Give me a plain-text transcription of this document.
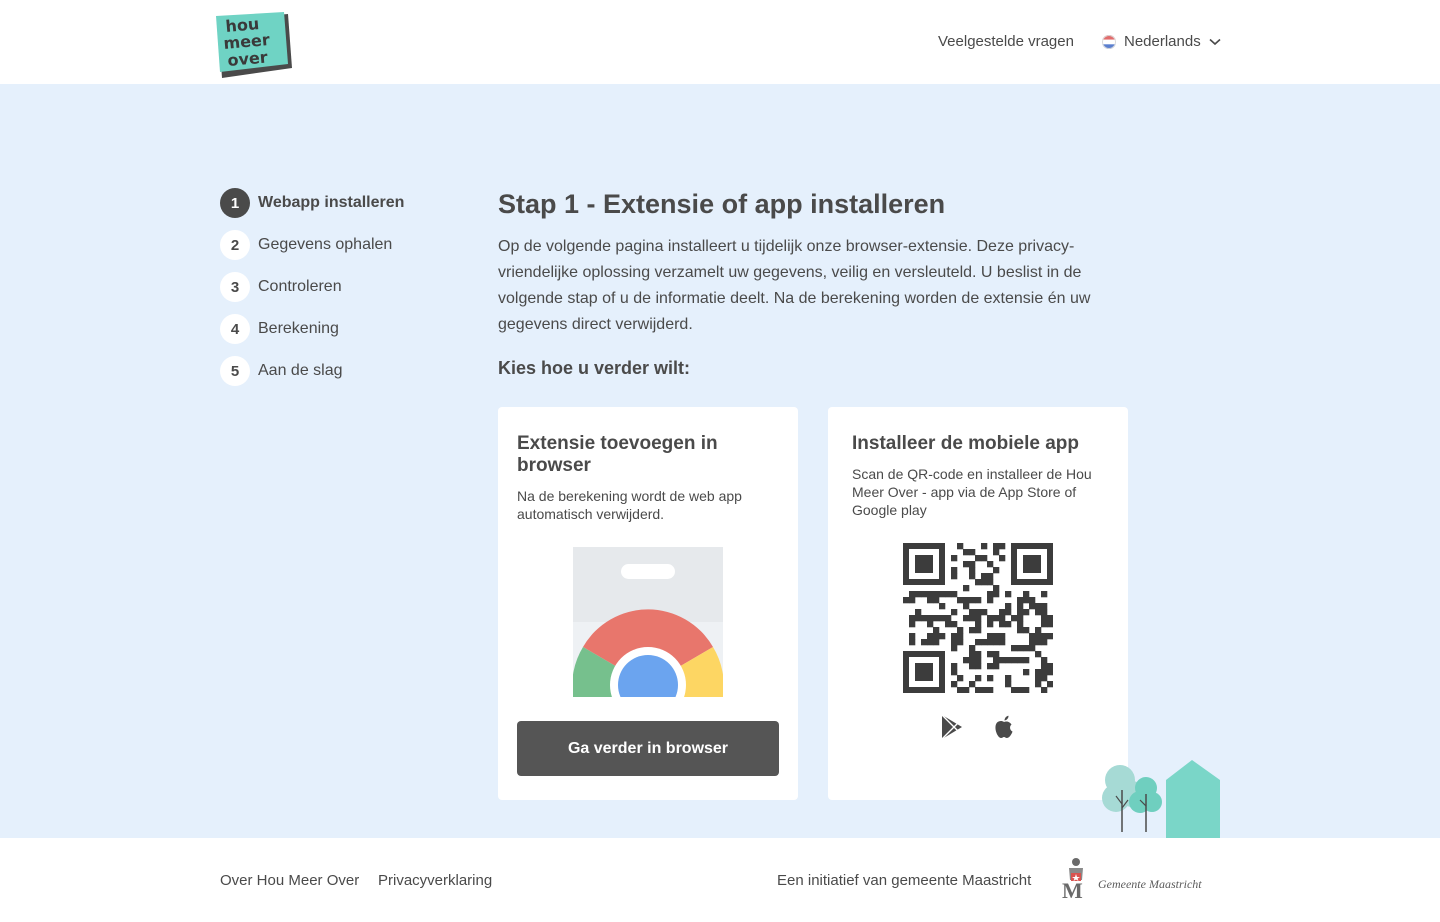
hou
meer
over
Veelgestelde vragen	Nederlands
1	Webapp installeren
2	Gegevens ophalen
3	Controleren
4	Berekening
5	Aan de slag
Stap 1 - Extensie of app installeren

Op de volgende pagina installeert u tijdelijk onze browser-extensie. Deze privacy-vriendelijke oplossing verzamelt uw gegevens, veilig en versleuteld. U beslist in de volgende stap of u de informatie deelt. Na de berekening worden de extensie én uw gegevens direct verwijderd.

Kies hoe u verder wilt:
Extensie toevoegen in browser

Na de berekening wordt de web app automatisch verwijderd.

Ga verder in browser
Installeer de mobiele app

Scan de QR-code en installeer de Hou Meer Over - app via de App Store of Google play

Over Hou Meer Over Privacyverklaring	Een initiatief van gemeente Maastricht M Gemeente Maastricht
